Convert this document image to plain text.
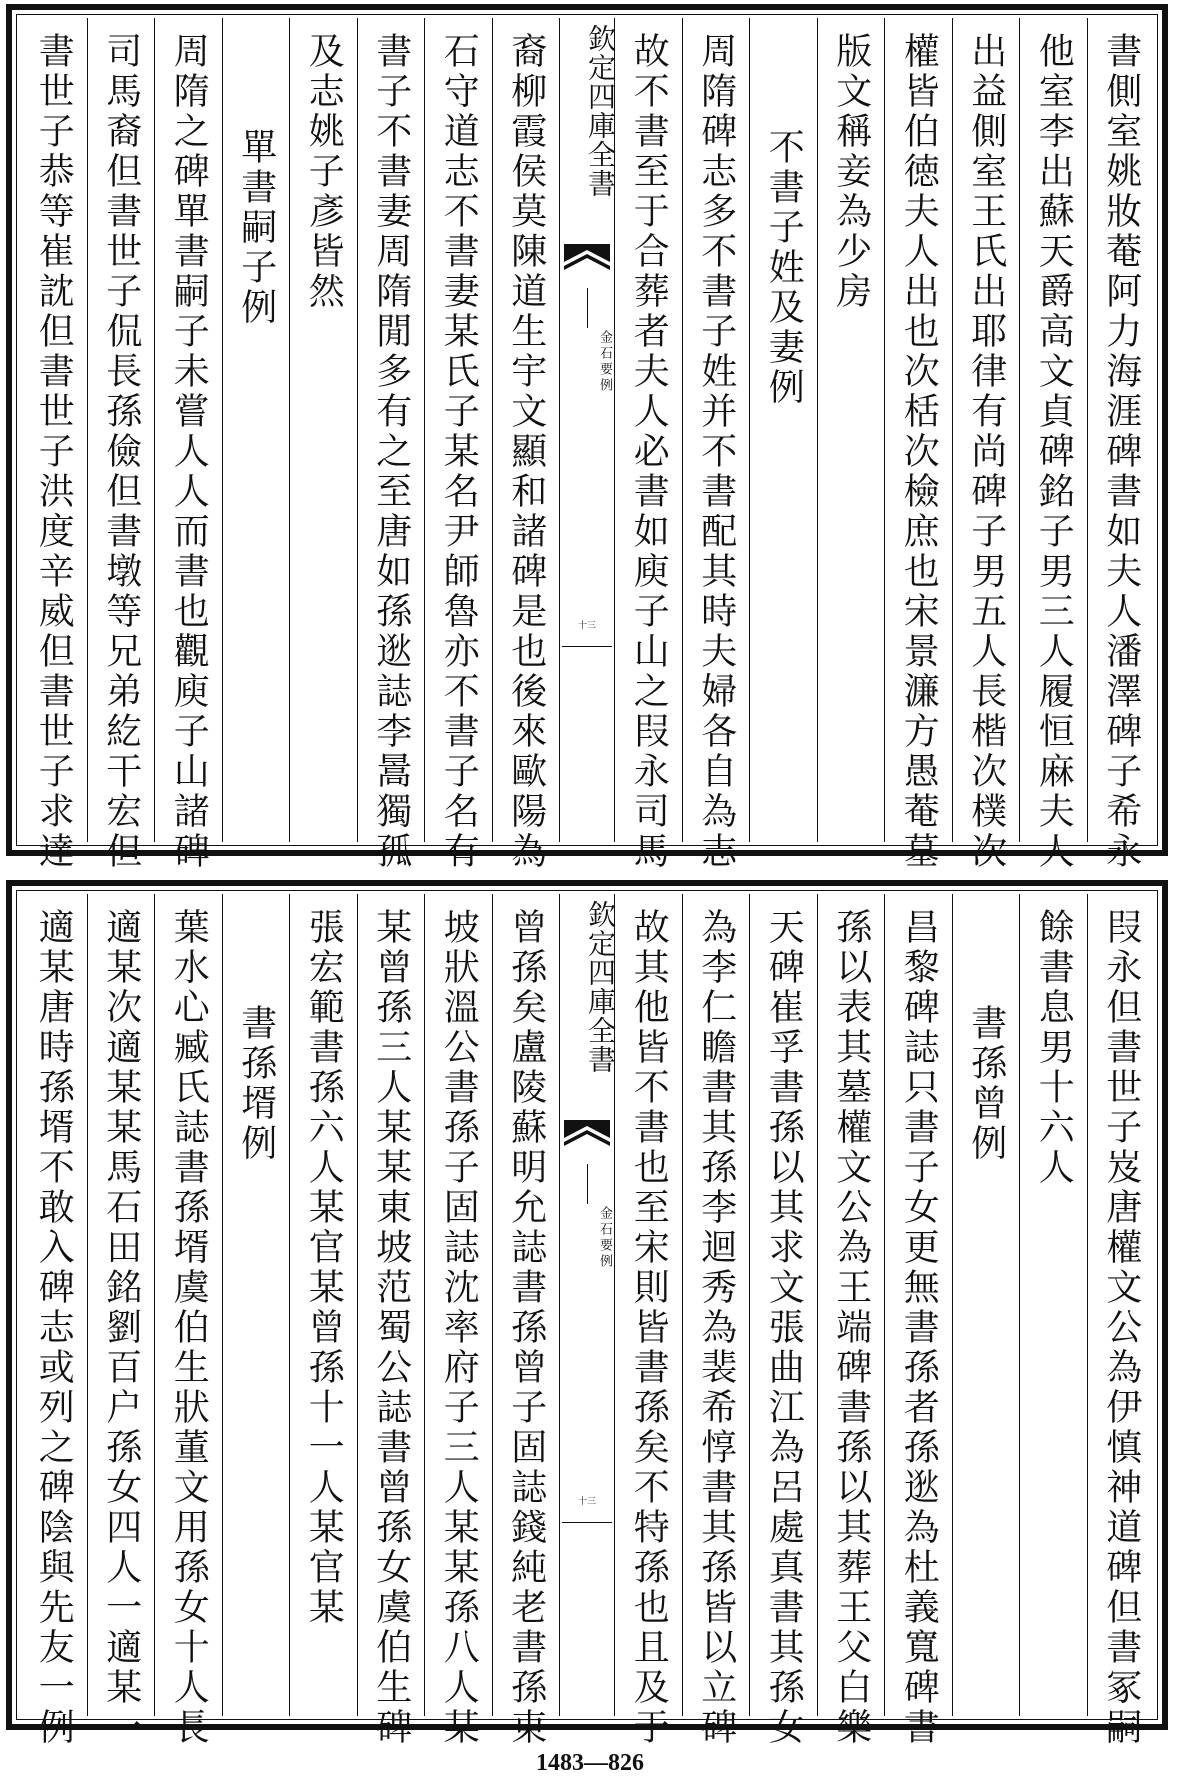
書側室姚妝菴阿力海涯碑書如夫人潘澤碑子希永
他室李出蘇天爵高文貞碑銘子男三人履恒麻夫人
出益側室王氏出耶律有尚碑子男五人長楷次樸次
權皆伯徳夫人出也次栝次檢庶也宋景濂方愚菴墓
版文稱妾為少房
不書子姓及妻例
周隋碑志多不書子姓并不書配其時夫婦各自為志
故不書至于合葬者夫人必書如庾子山之叚永司馬
欽定四庫全書
金石要例
十三
裔柳霞侯莫陳道生宇文顯和諸碑是也後來歐陽為
石守道志不書妻某氏子某名尹師魯亦不書子名有
書子不書妻周隋閒多有之至唐如孫逖誌李暠獨孤
及志姚子彥皆然
單書嗣子例
周隋之碑單書嗣子未嘗人人而書也觀庾子山諸碑
司馬裔但書世子侃長孫儉但書墩等兄弟紇干宏但
書世子恭等崔訦但書世子洪度辛威但書世子求達
叚永但書世子岌唐權文公為伊慎神道碑但書冢嗣
餘書息男十六人
書孫曾例
昌黎碑誌只書子女更無書孫者孫逖為杜義寬碑書
孫以表其墓權文公為王端碑書孫以其葬王父白樂
天碑崔孚書孫以其求文張曲江為呂處真書其孫女
為李仁瞻書其孫李迴秀為裴希惇書其孫皆以立碑
故其他皆不書也至宋則皆書孫矣不特孫也且及于
欽定四庫全書
金石要例
十三
曾孫矣盧陵蘇明允誌書孫曾子固誌錢純老書孫東
坡狀溫公書孫子固誌沈率府子三人某某孫八人某
某曾孫三人某某東坡范蜀公誌書曾孫女虞伯生碑
張宏範書孫六人某官某曾孫十一人某官某
書孫壻例
葉水心臧氏誌書孫壻虞伯生狀董文用孫女十人長
適某次適某某馬石田銘劉百户孫女四人一適某一
適某唐時孫壻不敢入碑志或列之碑陰與先友一例
1483—826
